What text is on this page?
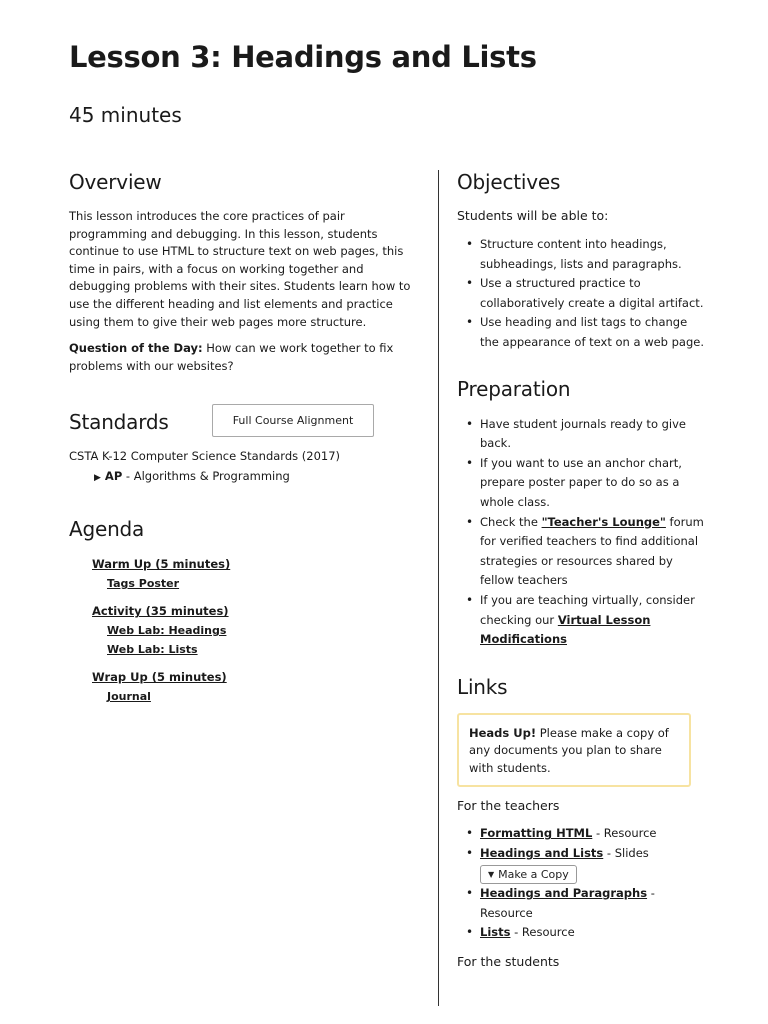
Lesson 3: Headings and Lists
45 minutes
Overview

This lesson introduces the core practices of pair programming and debugging. In this lesson, students continue to use HTML to structure text on web pages, this time in pairs, with a focus on working together and debugging problems with their sites. Students learn how to use the different heading and list elements and practice using them to give their web pages more structure.

Question of the Day: How can we work together to fix problems with our websites?

Standards	Full Course Alignment
CSTA K-12 Computer Science Standards (2017)
▶ AP - Algorithms & Programming
Agenda
Warm Up (5 minutes)
Tags Poster
Activity (35 minutes)
Web Lab: Headings
Web Lab: Lists
Wrap Up (5 minutes)
Journal
Objectives
Students will be able to:
• Structure content into headings, subheadings, lists and paragraphs.
• Use a structured practice to collaboratively create a digital artifact.
• Use heading and list tags to change the appearance of text on a web page.
Preparation
• Have student journals ready to give back.
• If you want to use an anchor chart, prepare poster paper to do so as a whole class.
• Check the "Teacher's Lounge" forum for verified teachers to find additional strategies or resources shared by fellow teachers
• If you are teaching virtually, consider checking our Virtual Lesson Modifications
Links
Heads Up! Please make a copy of any documents you plan to share with students.
For the teachers
• Formatting HTML - Resource
• Headings and Lists - Slides

▼ Make a Copy
• Headings and Paragraphs - Resource
• Lists - Resource
For the students
